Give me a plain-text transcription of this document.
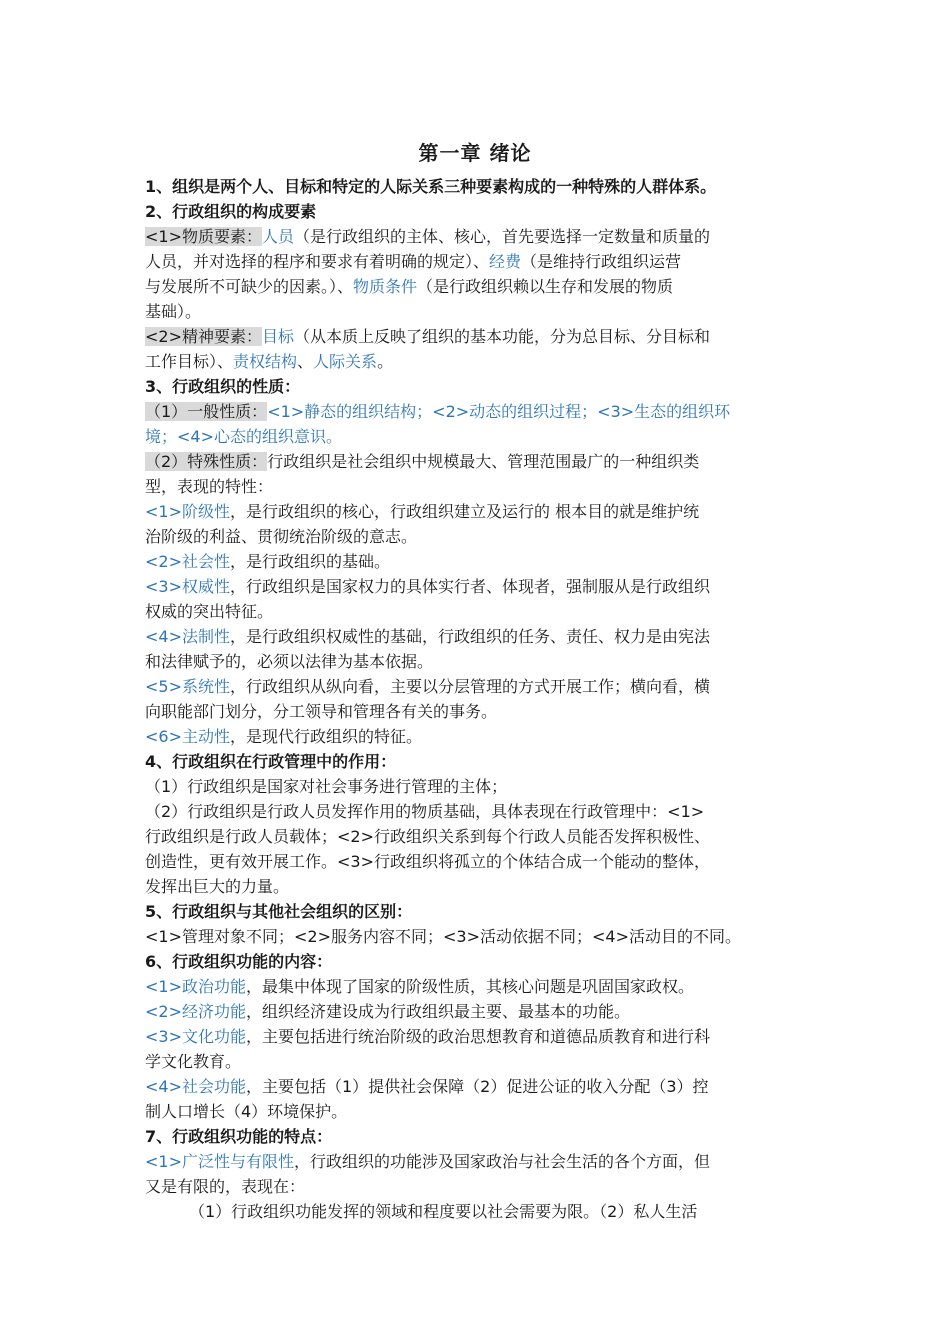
第一章 绪论
1、组织是两个人、目标和特定的人际关系三种要素构成的一种特殊的人群体系。
2、行政组织的构成要素
<1>物质要素：人员（是行政组织的主体、核心，首先要选择一定数量和质量的
人员，并对选择的程序和要求有着明确的规定）、经费（是维持行政组织运营
与发展所不可缺少的因素。）、物质条件（是行政组织赖以生存和发展的物质
基础）。
<2>精神要素：目标（从本质上反映了组织的基本功能，分为总目标、分目标和
工作目标）、责权结构、人际关系。
3、行政组织的性质：
（1）一般性质：<1>静态的组织结构；<2>动态的组织过程；<3>生态的组织环
境；<4>心态的组织意识。
（2）特殊性质：行政组织是社会组织中规模最大、管理范围最广的一种组织类
型，表现的特性：
<1>阶级性，是行政组织的核心，行政组织建立及运行的 根本目的就是维护统
治阶级的利益、贯彻统治阶级的意志。
<2>社会性，是行政组织的基础。
<3>权威性，行政组织是国家权力的具体实行者、体现者，强制服从是行政组织
权威的突出特征。
<4>法制性，是行政组织权威性的基础，行政组织的任务、责任、权力是由宪法
和法律赋予的，必须以法律为基本依据。
<5>系统性，行政组织从纵向看，主要以分层管理的方式开展工作；横向看，横
向职能部门划分，分工领导和管理各有关的事务。
<6>主动性，是现代行政组织的特征。
4、行政组织在行政管理中的作用：
（1）行政组织是国家对社会事务进行管理的主体；
（2）行政组织是行政人员发挥作用的物质基础，具体表现在行政管理中：<1>
行政组织是行政人员载体；<2>行政组织关系到每个行政人员能否发挥积极性、
创造性，更有效开展工作。<3>行政组织将孤立的个体结合成一个能动的整体，
发挥出巨大的力量。
5、行政组织与其他社会组织的区别：
<1>管理对象不同；<2>服务内容不同；<3>活动依据不同；<4>活动目的不同。
6、行政组织功能的内容：
<1>政治功能，最集中体现了国家的阶级性质，其核心问题是巩固国家政权。
<2>经济功能，组织经济建设成为行政组织最主要、最基本的功能。
<3>文化功能，主要包括进行统治阶级的政治思想教育和道德品质教育和进行科
学文化教育。
<4>社会功能，主要包括（1）提供社会保障（2）促进公证的收入分配（3）控
制人口增长（4）环境保护。
7、行政组织功能的特点：
<1>广泛性与有限性，行政组织的功能涉及国家政治与社会生活的各个方面，但
又是有限的，表现在：
（1）行政组织功能发挥的领域和程度要以社会需要为限。（2）私人生活
